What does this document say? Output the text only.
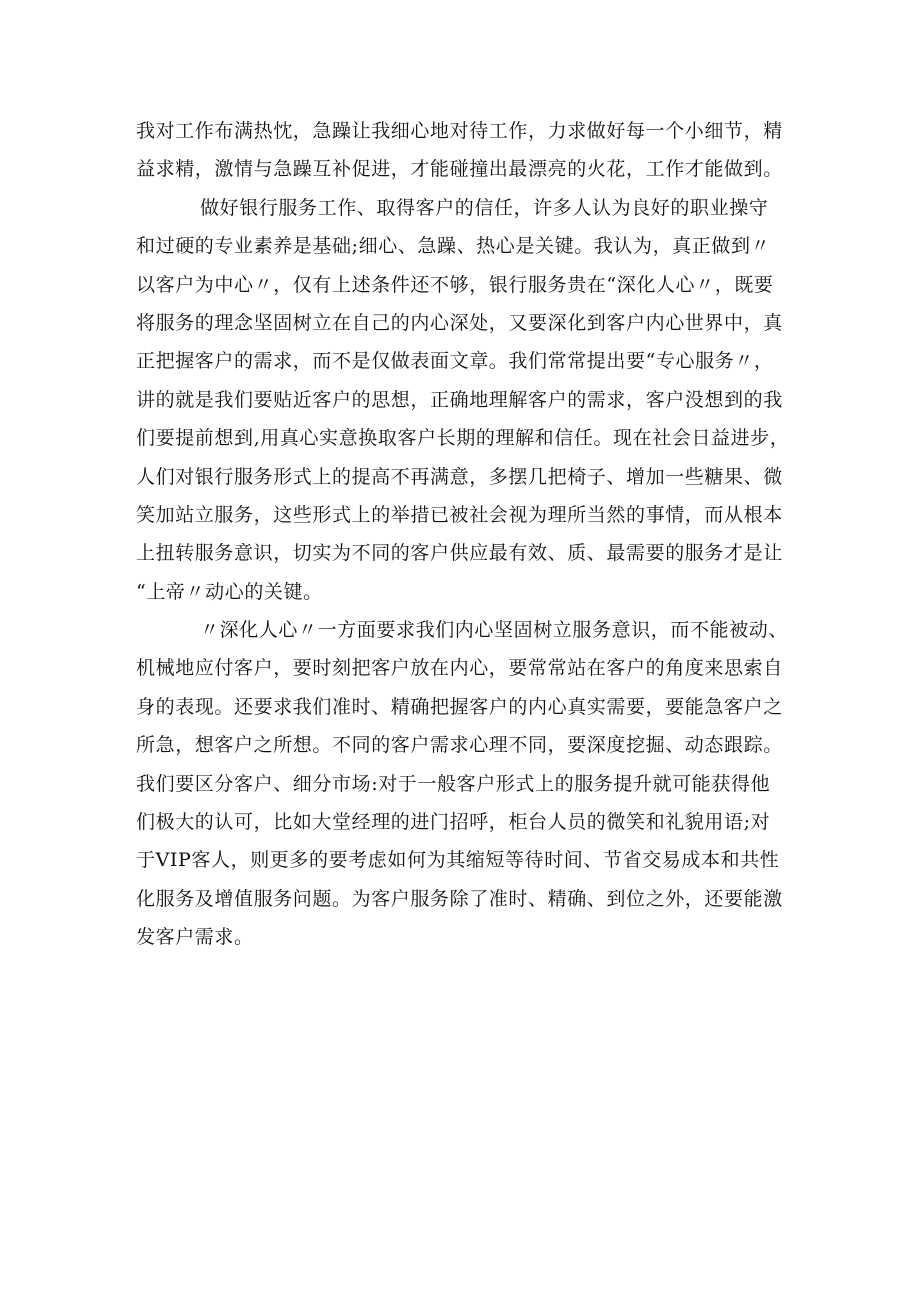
我对工作布满热忱，急躁让我细心地对待工作，力求做好每一个小细节，精
益求精，激情与急躁互补促进，才能碰撞出最漂亮的火花，工作才能做到。
做好银行服务工作、取得客户的信任，许多人认为良好的职业操守
和过硬的专业素养是基础;细心、急躁、热心是关键。我认为，真正做到〃
以客户为中心〃，仅有上述条件还不够，银行服务贵在“深化人心〃，既要
将服务的理念坚固树立在自己的内心深处，又要深化到客户内心世界中，真
正把握客户的需求，而不是仅做表面文章。我们常常提出要“专心服务〃，
讲的就是我们要贴近客户的思想，正确地理解客户的需求，客户没想到的我
们要提前想到,用真心实意换取客户长期的理解和信任。现在社会日益进步，
人们对银行服务形式上的提高不再满意，多摆几把椅子、增加一些糖果、微
笑加站立服务，这些形式上的举措已被社会视为理所当然的事情，而从根本
上扭转服务意识，切实为不同的客户供应最有效、质、最需要的服务才是让
“上帝〃动心的关键。
〃深化人心〃一方面要求我们内心坚固树立服务意识，而不能被动、
机械地应付客户，要时刻把客户放在内心，要常常站在客户的角度来思索自
身的表现。还要求我们准时、精确把握客户的内心真实需要，要能急客户之
所急，想客户之所想。不同的客户需求心理不同，要深度挖掘、动态跟踪。
我们要区分客户、细分市场:对于一般客户形式上的服务提升就可能获得他
们极大的认可，比如大堂经理的进门招呼，柜台人员的微笑和礼貌用语;对
于VIP客人，则更多的要考虑如何为其缩短等待时间、节省交易成本和共性
化服务及增值服务问题。为客户服务除了准时、精确、到位之外，还要能激
发客户需求。
